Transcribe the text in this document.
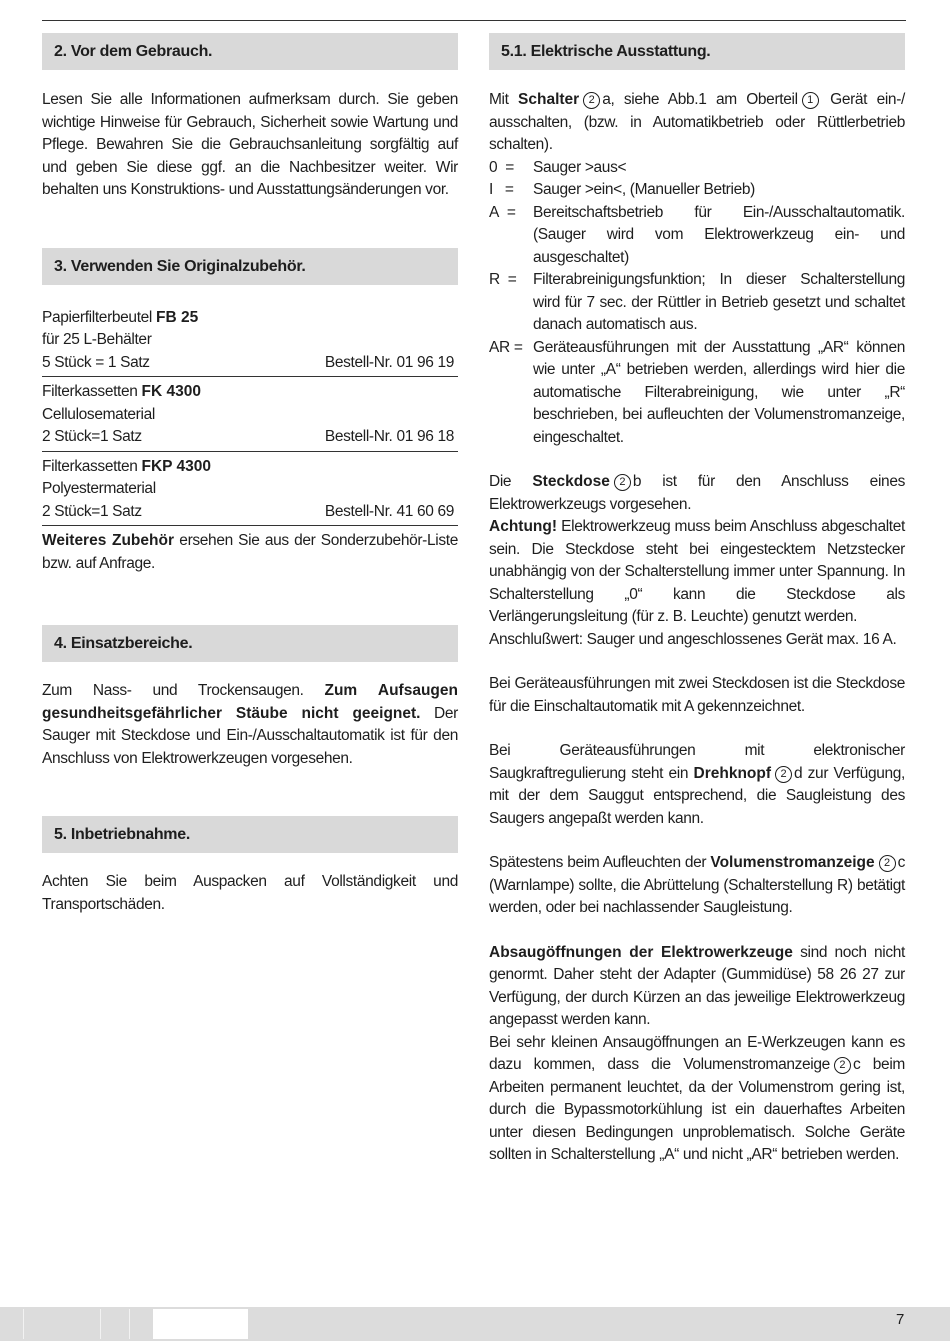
2. Vor dem Gebrauch.

Lesen Sie alle Informationen aufmerksam durch. Sie geben wichtige Hinweise für Gebrauch, Sicherheit sowie Wartung und Pflege. Bewahren Sie die Gebrauchsanleitung sorgfältig auf und geben Sie diese ggf. an die Nachbesitzer weiter. Wir behalten uns Konstruktions- und Ausstattungsänderungen vor.

3. Verwenden Sie Originalzubehör.
Papierfilterbeutel FB 25
für 25 L-Behälter
5 Stück = 1 Satz	Bestell-Nr. 01 96 19
Filterkassetten FK 4300
Cellulosematerial
2 Stück=1 Satz	Bestell-Nr. 01 96 18
Filterkassetten FKP 4300
Polyestermaterial
2 Stück=1 Satz	Bestell-Nr. 41 60 69

Weiteres Zubehör ersehen Sie aus der Sonderzubehör-Liste bzw. auf Anfrage.

4. Einsatzbereiche.

Zum Nass- und Trockensaugen. Zum Aufsaugen gesundheitsgefährlicher Stäube nicht geeignet. Der Sauger mit Steckdose und Ein-/Ausschaltautomatik ist für den Anschluss von Elektrowerkzeugen vorgesehen.

5. Inbetriebnahme.

Achten Sie beim Auspacken auf Vollständigkeit und Transportschäden.

5.1. Elektrische Ausstattung.

Mit Schalter 2 a, siehe Abb.1 am Oberteil 1 Gerät ein-/ ausschalten, (bzw. in Automatikbetrieb oder Rüttlerbetrieb schalten).

0 =	Sauger >aus<
I =	Sauger >ein<, (Manueller Betrieb)
A =	Bereitschaftsbetrieb für Ein-/Ausschaltautomatik. (Sauger wird vom Elektrowerkzeug ein- und ausgeschaltet)
R =	Filterabreinigungsfunktion; In dieser Schalterstellung wird für 7 sec. der Rüttler in Betrieb gesetzt und schaltet danach automatisch aus.
AR = Geräteausführungen mit der Ausstattung „AR“ können wie unter „A“ betrieben werden, allerdings wird hier die automatische Filterabreinigung, wie unter „R“ beschrieben, bei aufleuchten der Volumenstromanzeige, eingeschaltet.

Die Steckdose 2 b ist für den Anschluss eines Elektrowerkzeugs vorgesehen.
Achtung! Elektrowerkzeug muss beim Anschluss abgeschaltet sein. Die Steckdose steht bei eingestecktem Netzstecker unabhängig von der Schalterstellung immer unter Spannung. In Schalterstellung „0“ kann die Steckdose als Verlängerungsleitung (für z. B. Leuchte) genutzt werden.
Anschlußwert: Sauger und angeschlossenes Gerät max. 16 A.

Bei Geräteausführungen mit zwei Steckdosen ist die Steckdose für die Einschaltautomatik mit A gekennzeichnet.

Bei Geräteausführungen mit elektronischer Saugkraftregulierung steht ein Drehknopf 2 d zur Verfügung, mit der dem Sauggut entsprechend, die Saugleistung des Saugers angepaßt werden kann.

Spätestens beim Aufleuchten der Volumenstromanzeige 2 c (Warnlampe) sollte, die Abrüttelung (Schalterstellung R) betätigt werden, oder bei nachlassender Saugleistung.

Absaugöffnungen der Elektrowerkzeuge sind noch nicht genormt. Daher steht der Adapter (Gummidüse) 58 26 27 zur Verfügung, der durch Kürzen an das jeweilige Elektrowerkzeug angepasst werden kann.
Bei sehr kleinen Ansaugöffnungen an E-Werkzeugen kann es dazu kommen, dass die Volumenstromanzeige 2 c beim Arbeiten permanent leuchtet, da der Volumenstrom gering ist, durch die Bypassmotorkühlung ist ein dauerhaftes Arbeiten unter diesen Bedingungen unproblematisch. Solche Geräte sollten in Schalterstellung „A“ und nicht „AR“ betrieben werden.

7
